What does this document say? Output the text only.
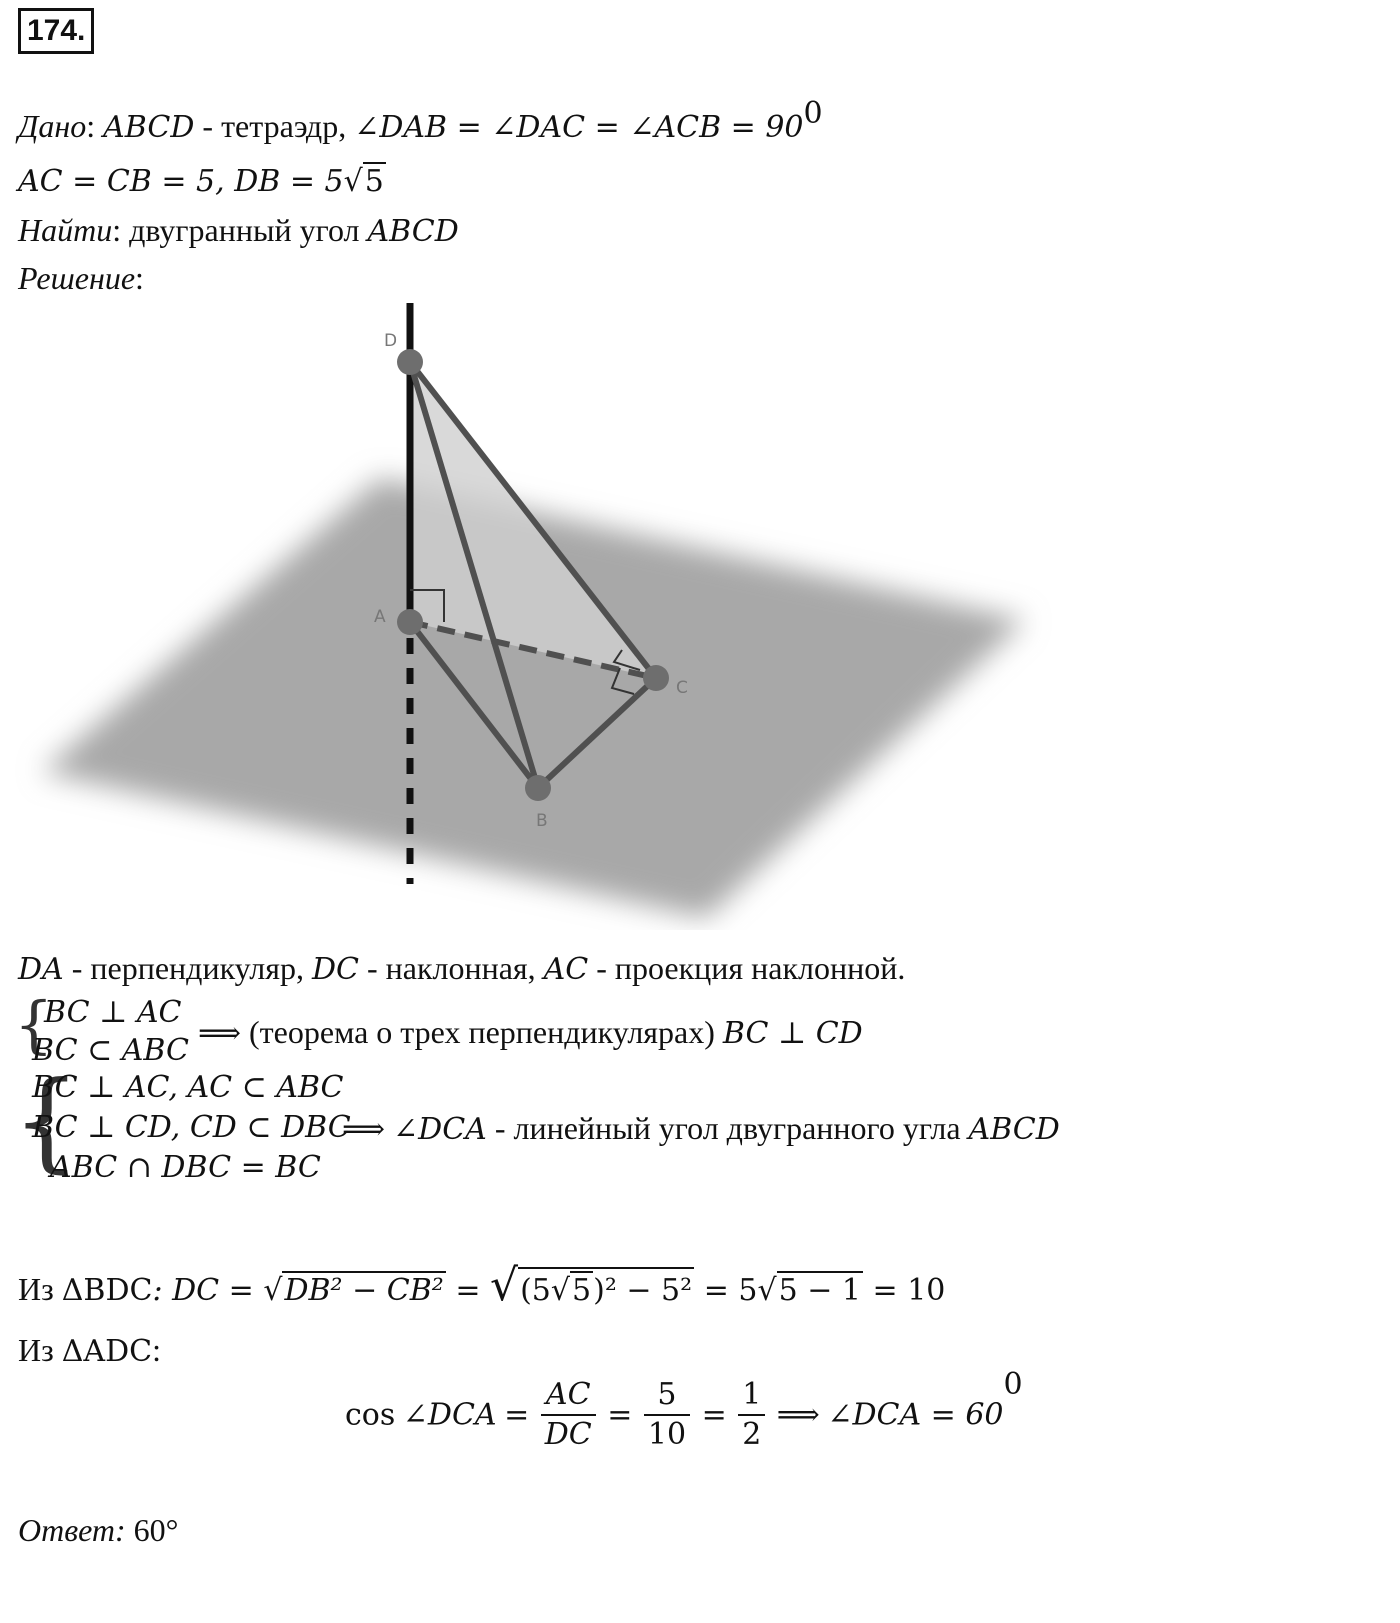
174.
Дано: ABCD - тетраэдр, ∠DAB = ∠DAC = ∠ACB = $90^0$
AC = CB = 5, DB = 5√5
Найти: двугранный угол ABCD
Решение:
D
A
C
B
DA - перпендикуляр, DC - наклонная, AC - проекция наклонной.
{
BC ⊥ AC
BC ⊂ ABC ⟹ (теорема о трех перпендикулярах) BC ⊥ CD
{
BC ⊥ AC, AC ⊂ ABC
BC ⊥ CD, CD ⊂ DBC
ABC ∩ DBC = BC
⟹ ∠DCA - линейный угол двугранного угла ABCD
Из ΔBDC: DC = √DB² − CB² = √(5√5)² − 5² = 5√5 − 1 = 10
Из ΔADC:
cos ∠DCA = $\frac{AC}{DC} = \frac{5}{10} = \frac{1}{2}$ ⟹ ∠DCA = $60^0$
Ответ: 60°
